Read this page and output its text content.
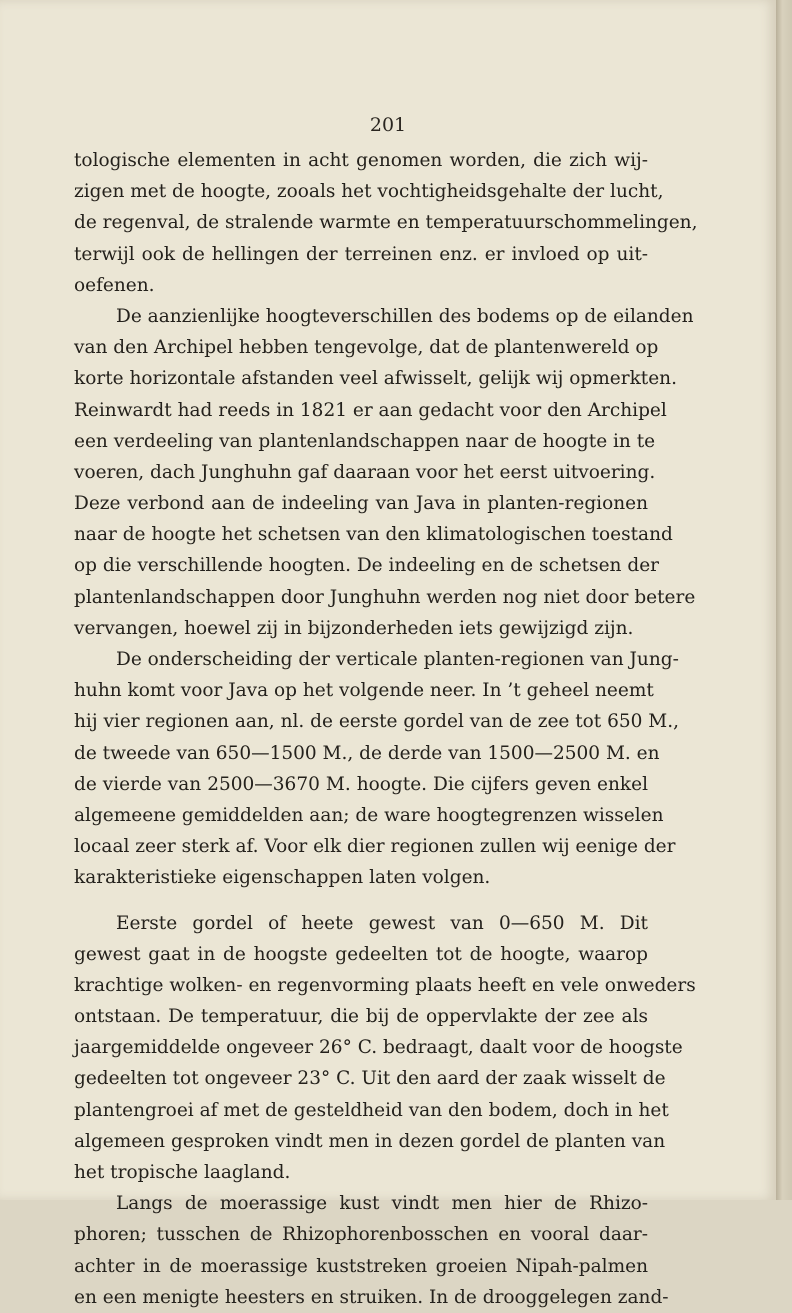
201
tologische elementen in acht genomen worden, die zich wij-
zigen met de hoogte, zooals het vochtigheidsgehalte der lucht,
de regenval, de stralende warmte en temperatuurschommelingen,
terwijl ook de hellingen der terreinen enz. er invloed op uit-
oefenen.
De aanzienlijke hoogteverschillen des bodems op de eilanden
van den Archipel hebben tengevolge, dat de plantenwereld op
korte horizontale afstanden veel afwisselt, gelijk wij opmerkten.
Reinwardt had reeds in 1821 er aan gedacht voor den Archipel
een verdeeling van plantenlandschappen naar de hoogte in te
voeren, dach Junghuhn gaf daaraan voor het eerst uitvoering.
Deze verbond aan de indeeling van Java in planten-regionen
naar de hoogte het schetsen van den klimatologischen toestand
op die verschillende hoogten. De indeeling en de schetsen der
plantenlandschappen door Junghuhn werden nog niet door betere
vervangen, hoewel zij in bijzonderheden iets gewijzigd zijn.
De onderscheiding der verticale planten-regionen van Jung-
huhn komt voor Java op het volgende neer. In ’t geheel neemt
hij vier regionen aan, nl. de eerste gordel van de zee tot 650 M.,
de tweede van 650—1500 M., de derde van 1500—2500 M. en
de vierde van 2500—3670 M. hoogte. Die cijfers geven enkel
algemeene gemiddelden aan; de ware hoogtegrenzen wisselen
locaal zeer sterk af. Voor elk dier regionen zullen wij eenige der
karakteristieke eigenschappen laten volgen.
Eerste gordel of heete gewest van 0—650 M. Dit
gewest gaat in de hoogste gedeelten tot de hoogte, waarop
krachtige wolken- en regenvorming plaats heeft en vele onweders
ontstaan. De temperatuur, die bij de oppervlakte der zee als
jaargemiddelde ongeveer 26° C. bedraagt, daalt voor de hoogste
gedeelten tot ongeveer 23° C. Uit den aard der zaak wisselt de
plantengroei af met de gesteldheid van den bodem, doch in het
algemeen gesproken vindt men in dezen gordel de planten van
het tropische laagland.
Langs de moerassige kust vindt men hier de Rhizo-
phoren; tusschen de Rhizophorenbosschen en vooral daar-
achter in de moerassige kuststreken groeien Nipah-palmen
en een menigte heesters en struiken. In de drooggelegen zand-
